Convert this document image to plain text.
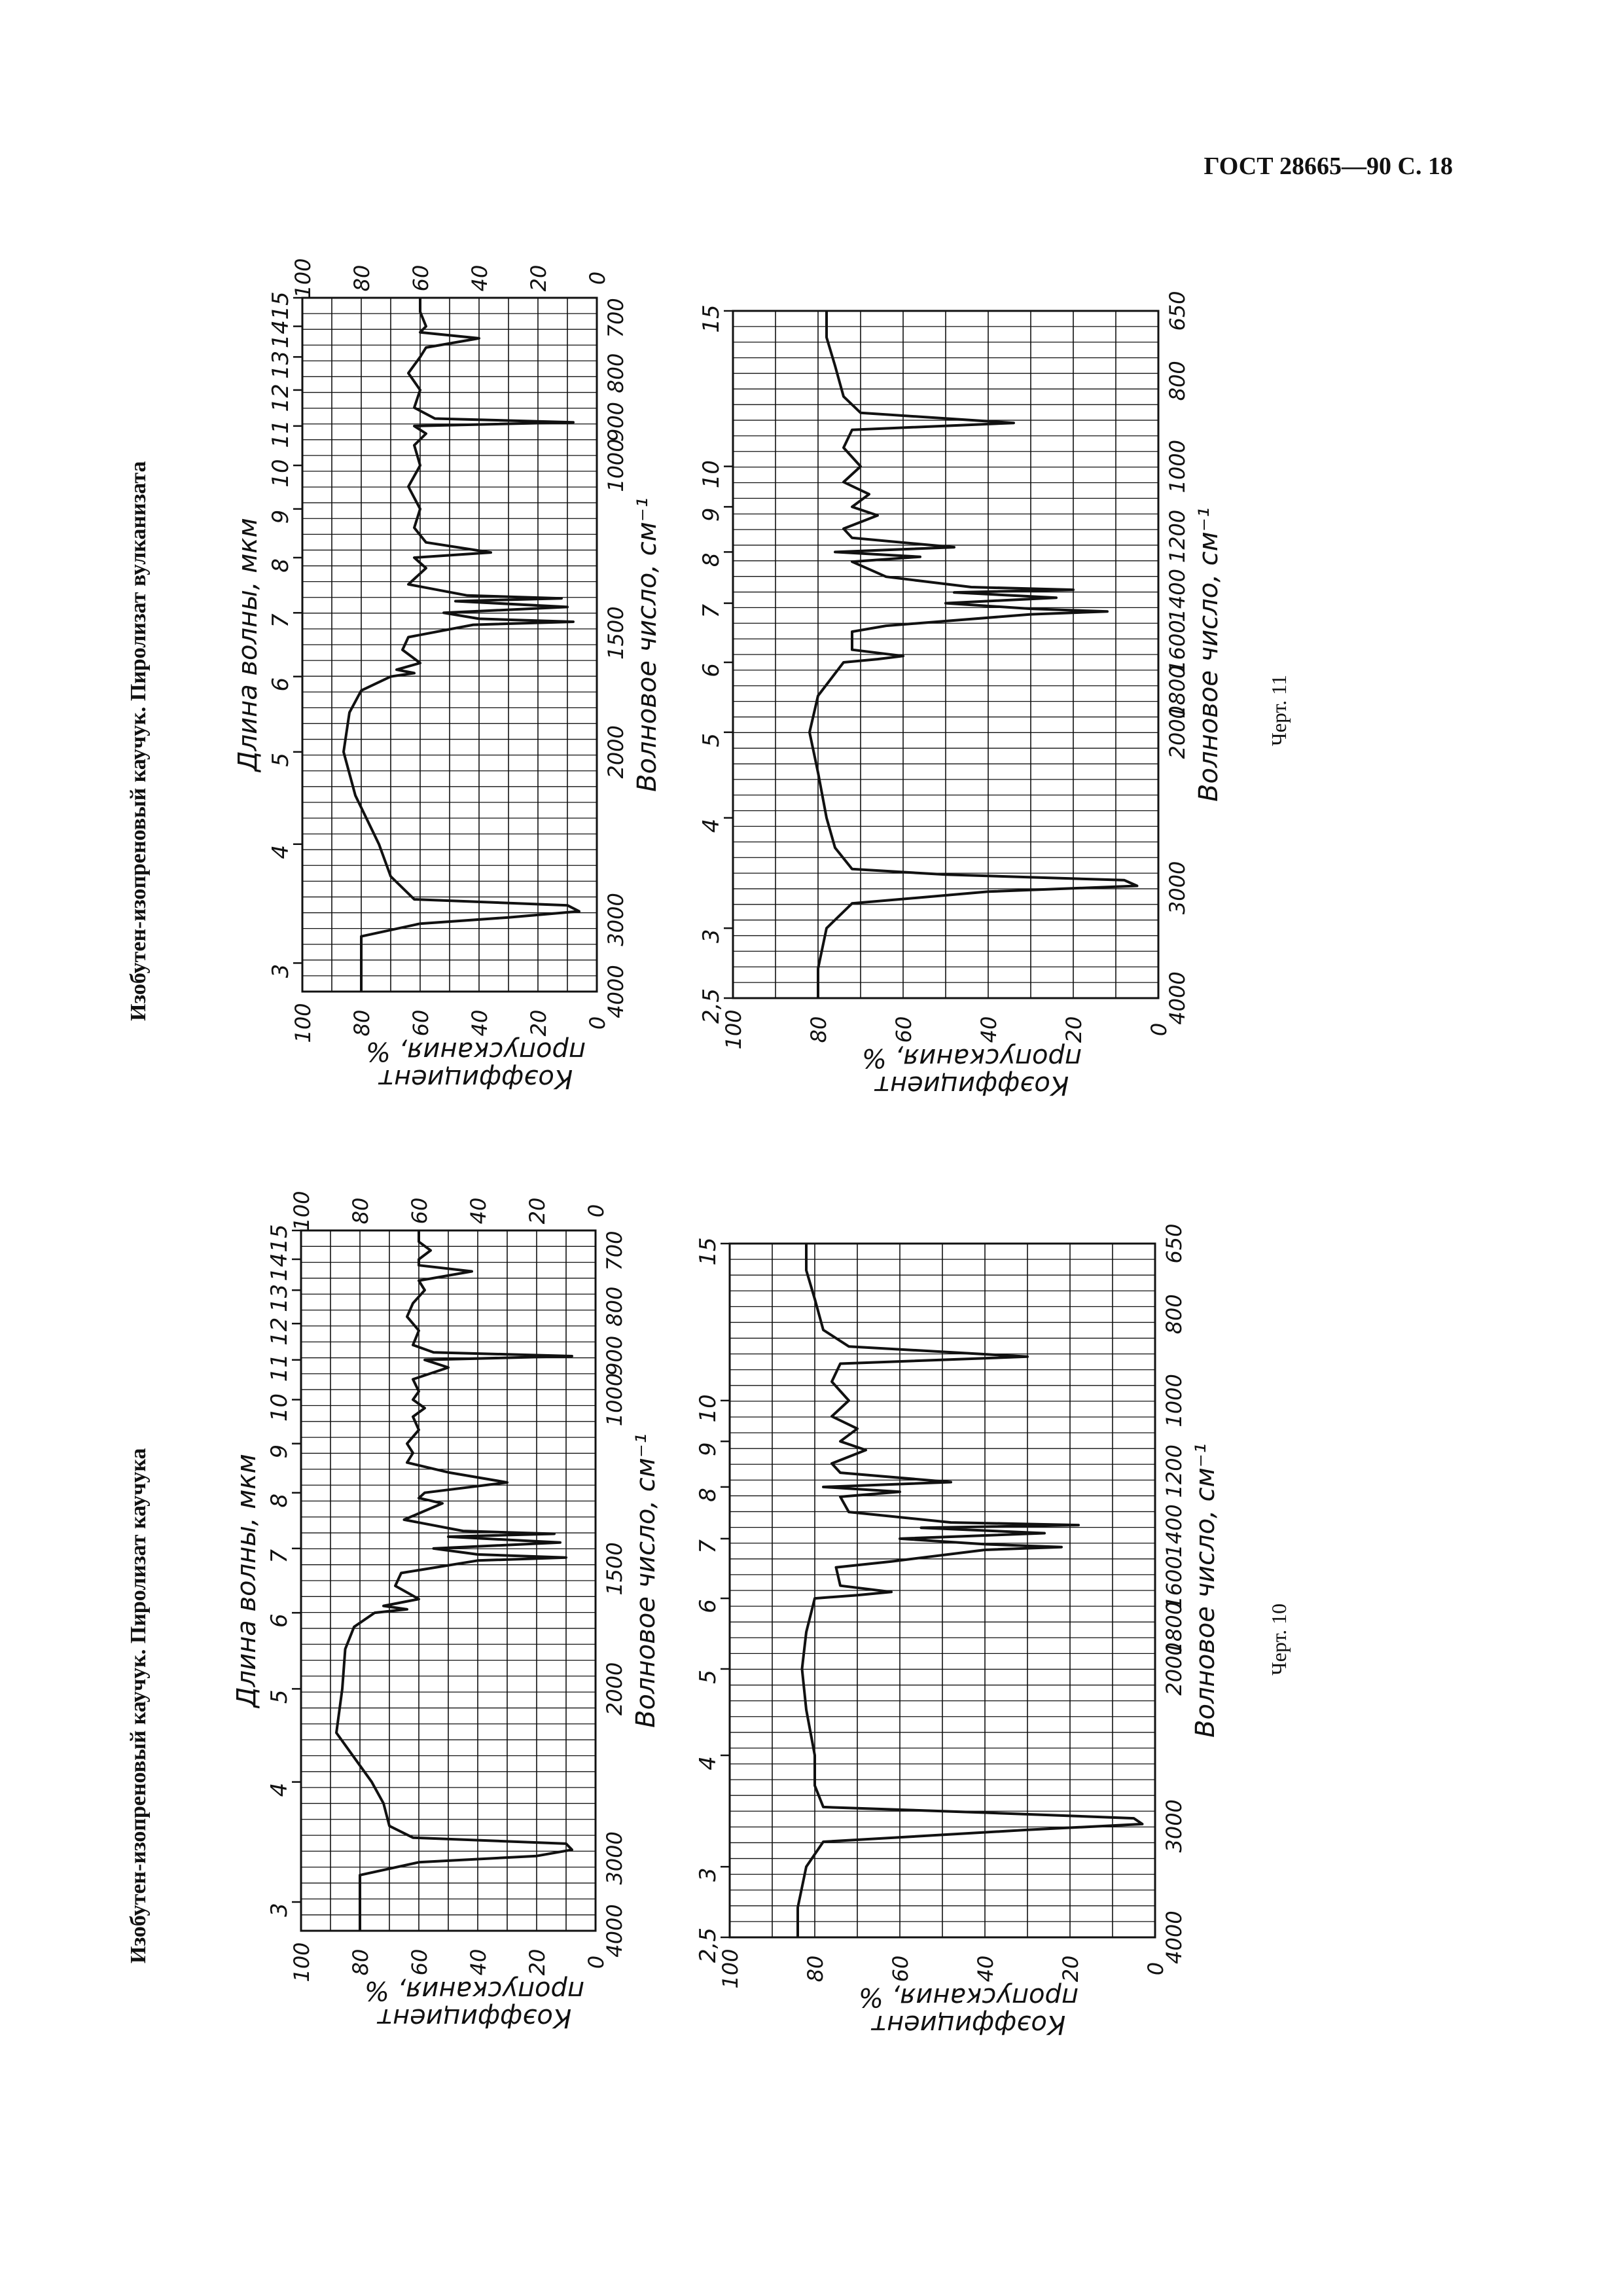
ГОСТ 28665—90 С. 18
Изобутен-изопреновый каучук. Пиролизат каучука
Изобутен-изопреновый каучук. Пиролизат вулканизата
Черт. 10
Черт. 11
3
4
5
6
7
8
9
10
11
12
13
14
15
4000
3000
2000
1500
1000
900
800
700
0
0
20
20
40
40
60
60
80
80
100
100
Длина волны, мкм	Волновое число, см⁻¹
Коэффициент
пропускания, %
2,5
3
4
5
6
7
8
9
10
15
4000
3000
2000
1800
1600
1400
1200
1000
800
650
0
20
40
60
80
100
Волновое число, см⁻¹
Коэффициент
пропускания, %
3
4
5
6
7
8
9
10
11
12
13
14
15
4000
3000
2000
1500
1000
900
800
700
0
0
20
20
40
40
60
60
80
80
100
100
Длина волны, мкм	Волновое число, см⁻¹
Коэффициент
пропускания, %
2,5
3
4
5
6
7
8
9
10
15
4000
3000
2000
1800
1600
1400
1200
1000
800
650
0
20
40
60
80
100
Волновое число, см⁻¹
Коэффициент
пропускания, %
